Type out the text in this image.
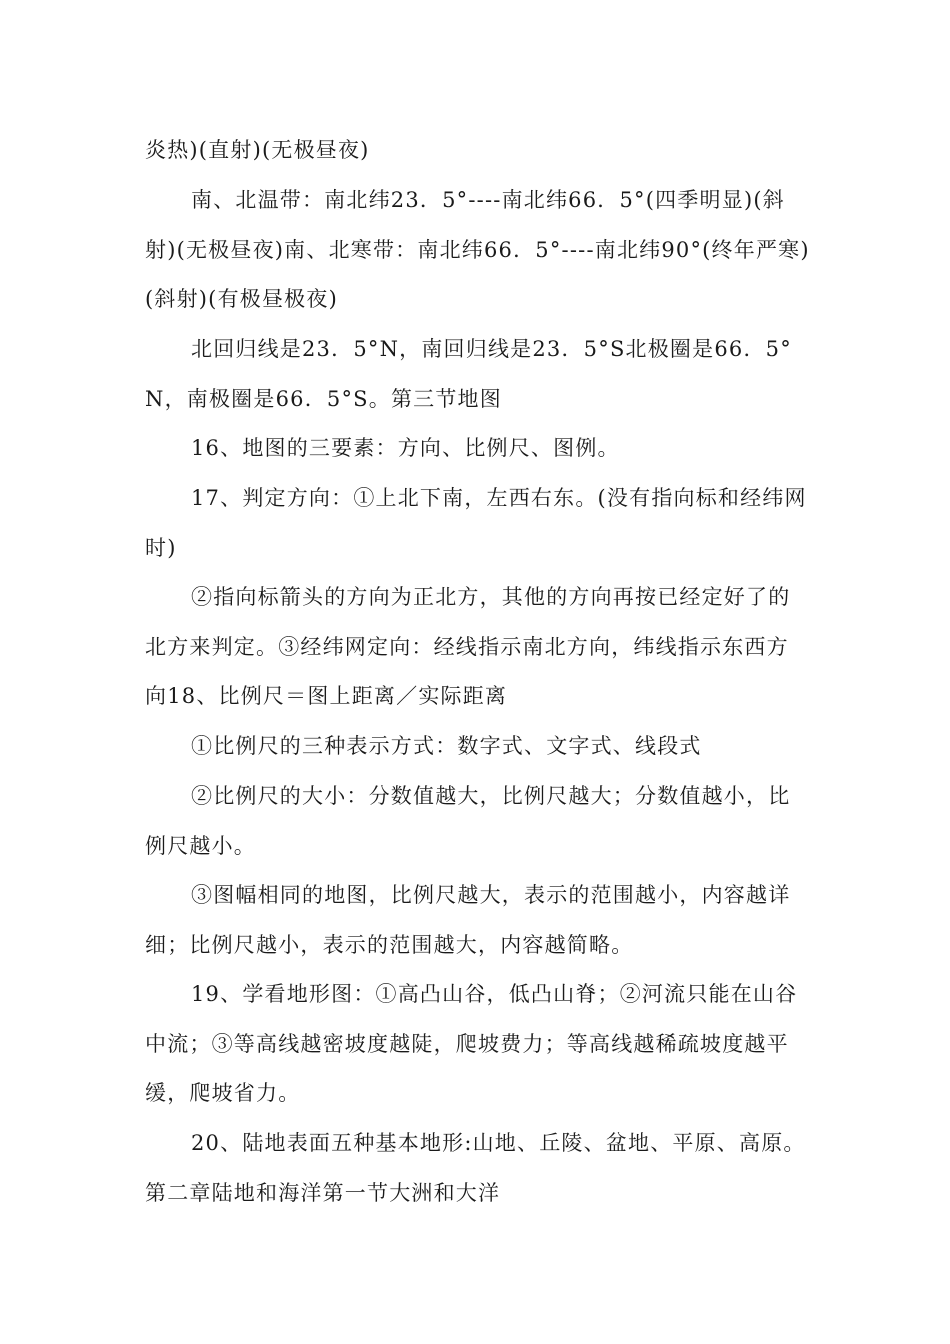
炎热)(直射)(无极昼夜)

南、北温带：南北纬23．5°----南北纬66．5°(四季明显)(斜射)(无极昼夜)南、北寒带：南北纬66．5°----南北纬90°(终年严寒)(斜射)(有极昼极夜)

北回归线是23．5°N，南回归线是23．5°S北极圈是66．5°N，南极圈是66．5°S。第三节地图

16、地图的三要素：方向、比例尺、图例。

17、判定方向：①上北下南，左西右东。(没有指向标和经纬网时)

②指向标箭头的方向为正北方，其他的方向再按已经定好了的北方来判定。③经纬网定向：经线指示南北方向，纬线指示东西方向18、比例尺＝图上距离／实际距离

①比例尺的三种表示方式：数字式、文字式、线段式

②比例尺的大小：分数值越大，比例尺越大；分数值越小，比例尺越小。

③图幅相同的地图，比例尺越大，表示的范围越小，内容越详细；比例尺越小，表示的范围越大，内容越简略。

19、学看地形图：①高凸山谷，低凸山脊；②河流只能在山谷中流；③等高线越密坡度越陡，爬坡费力；等高线越稀疏坡度越平缓，爬坡省力。

20、陆地表面五种基本地形:山地、丘陵、盆地、平原、高原。第二章陆地和海洋第一节大洲和大洋
